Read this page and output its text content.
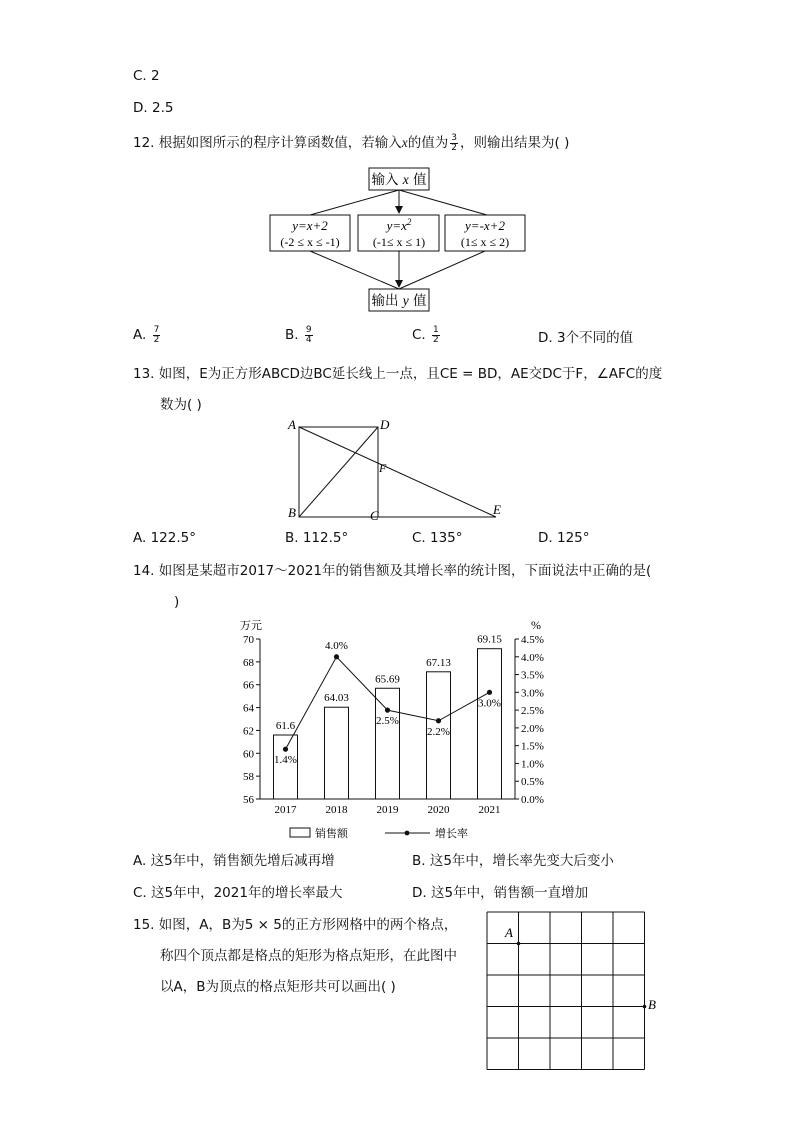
C. 2
D. 2.5
12. 根据如图所示的程序计算函数值，若输入x的值为 $\frac{3}{2}$ ，则输出结果为( )
输入 x 值
y=x+2
(-2 ≤ x ≤ -1)
$y=x^2$
(-1≤ x ≤ 1)
y=-x+2
(1≤ x ≤ 2)
输出 y 值
A. $\frac{7}{2}$	B. $\frac{9}{4}$	C. $\frac{1}{2}$	D. 3个不同的值
13. 如图，E为正方形ABCD边BC延长线上一点，且CE = BD，AE交DC于F，∠AFC的度
数为( )
A	D
F
B	C	E
A. 122.5°	B. 112.5°	C. 135°	D. 125°
14. 如图是某超市2017～2021年的销售额及其增长率的统计图，下面说法中正确的是(
)
万元	%
56
58
60
62
64
66
68
70
0.0%
0.5%
1.0%
1.5%
2.0%
2.5%
3.0%
3.5%
4.0%
4.5%
2017	2018	2019	2020	2021
61.6
64.03
65.69
67.13
69.15
1.4%
4.0%
2.5%
2.2%
3.0%
销售额	增长率
A. 这5年中，销售额先增后减再增	B. 这5年中，增长率先变大后变小
C. 这5年中，2021年的增长率最大	D. 这5年中，销售额一直增加
15. 如图，A，B为5 × 5的正方形网格中的两个格点，
称四个顶点都是格点的矩形为格点矩形，在此图中
以A，B为顶点的格点矩形共可以画出( )
A
B
